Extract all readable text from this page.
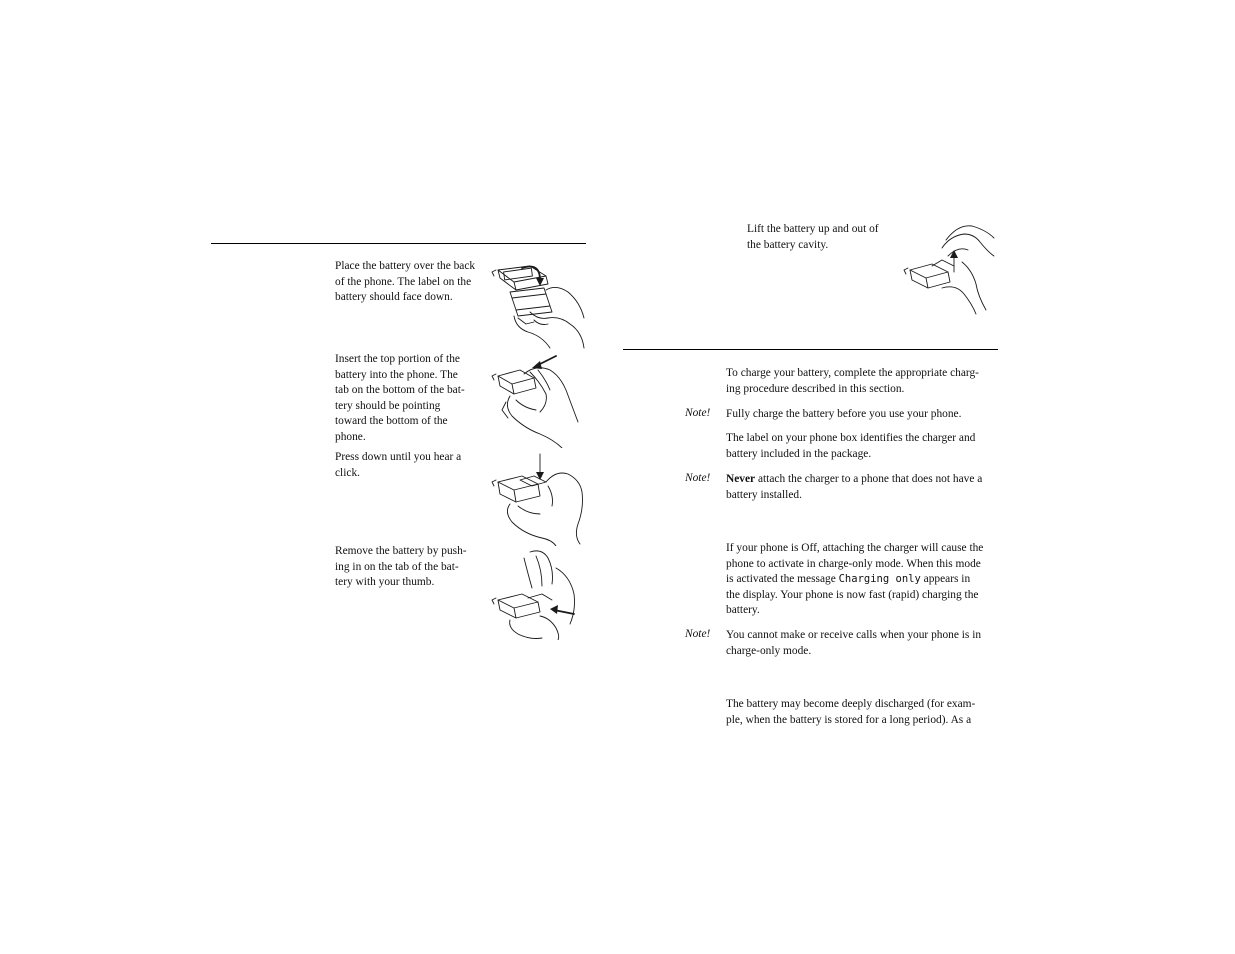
Place the battery over the back
of the phone. The label on the
battery should face down.
Insert the top portion of the
battery into the phone. The
tab on the bottom of the bat-
tery should be pointing
toward the bottom of the
phone.
Press down until you hear a
click.
Remove the battery by push-
ing in on the tab of the bat-
tery with your thumb.
Lift the battery up and out of
the battery cavity.
To charge your battery, complete the appropriate charg-
ing procedure described in this section.
Note! Fully charge the battery before you use your phone.
The label on your phone box identifies the charger and
battery included in the package.
Note! Never attach the charger to a phone that does not have a
battery installed.
If your phone is Off, attaching the charger will cause the
phone to activate in charge-only mode. When this mode
is activated the message Charging only appears in
the display. Your phone is now fast (rapid) charging the
battery.
Note! You cannot make or receive calls when your phone is in
charge-only mode.
The battery may become deeply discharged (for exam-
ple, when the battery is stored for a long period). As a
